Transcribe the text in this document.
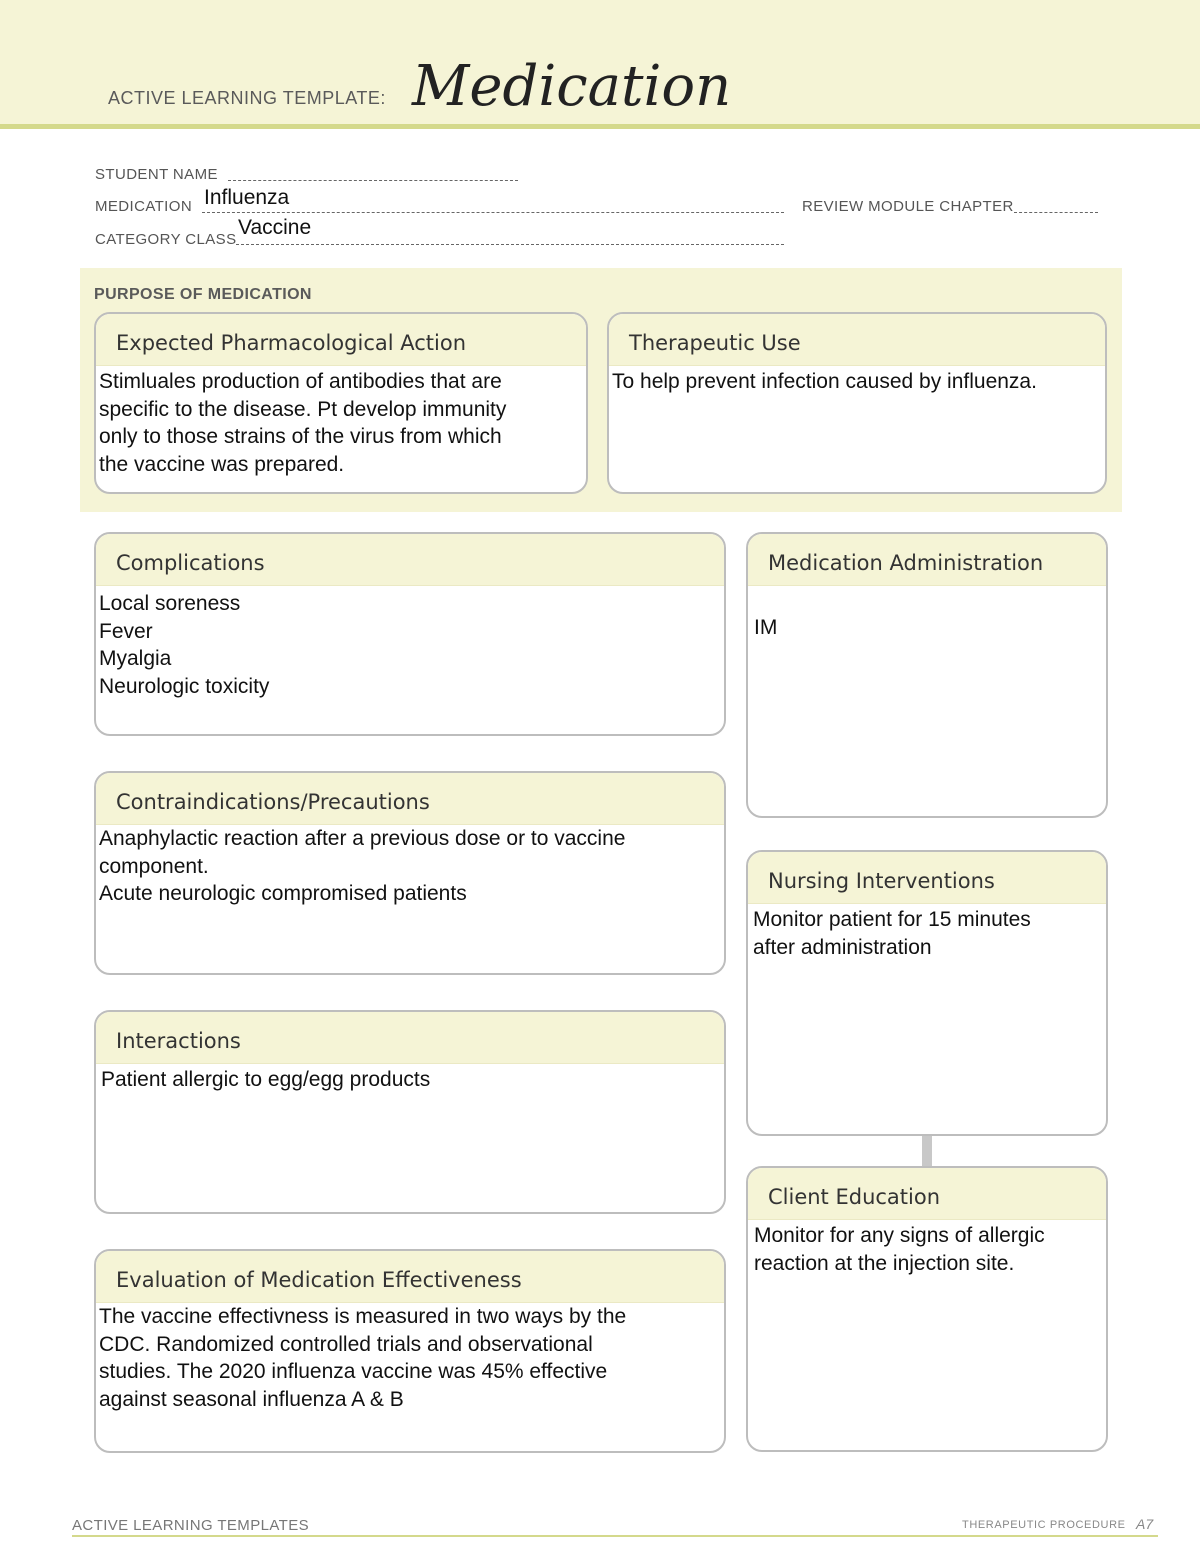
ACTIVE LEARNING TEMPLATE: Medication
STUDENT NAME
MEDICATION Influenza	REVIEW MODULE CHAPTER
CATEGORY CLASS
Vaccine
PURPOSE OF MEDICATION
Expected Pharmacological Action
Stimluales production of antibodies that are
specific to the disease. Pt develop immunity
only to those strains of the virus from which
the vaccine was prepared.
Therapeutic Use
To help prevent infection caused by influenza.
Complications
Local soreness
Fever
Myalgia
Neurologic toxicity
Contraindications/Precautions
Anaphylactic reaction after a previous dose or to vaccine
component.
Acute neurologic compromised patients
Interactions
Patient allergic to egg/egg products
Evaluation of Medication Effectiveness
The vaccine effectivness is measured in two ways by the
CDC. Randomized controlled trials and observational
studies. The 2020 influenza vaccine was 45% effective
against seasonal influenza A & B
Medication Administration
IM
Nursing Interventions
Monitor patient for 15 minutes
after administration
Client Education
Monitor for any signs of allergic
reaction at the injection site.
ACTIVE LEARNING TEMPLATES	THERAPEUTIC PROCEDURE A7
